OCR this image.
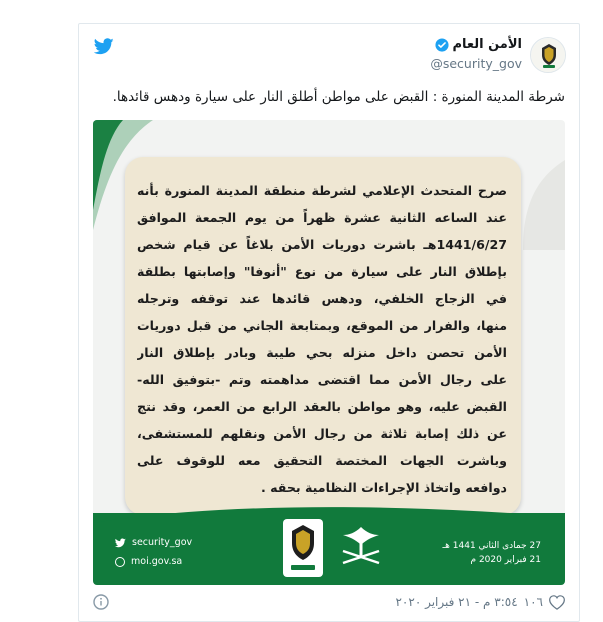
الأمن العام
@security_gov
شرطة المدينة المنورة : القبض على مواطن أطلق النار على سيارة ودهس قائدها.
صرح المتحدث الإعلامي لشرطة منطقة المدينة المنورة بأنه
عند الساعه الثانية عشرة ظهراً من يوم الجمعة الموافق
1441/6/27هـ باشرت دوريات الأمن بلاغاً عن قيام شخص
بإطلاق النار على سيارة من نوع "أنوفا" وإصابتها بطلقة
في الزجاج الخلفي، ودهس قائدها عند توقفه وترجله
منها، والفرار من الموقع، وبمتابعة الجاني من قبل دوريات
الأمن تحصن داخل منزله بحي طيبة وبادر بإطلاق النار
على رجال الأمن مما اقتضى مداهمته وتم -بتوفيق الله-
القبض عليه، وهو مواطن بالعقد الرابع من العمر، وقد نتج
عن ذلك إصابة ثلاثة من رجال الأمن ونقلهم للمستشفى،
وباشرت الجهات المختصة التحقيق معه للوقوف على
دوافعه واتخاذ الإجراءات النظامية بحقه .
security_gov
moi.gov.sa
27 جمادى الثاني 1441 هـ
21 فبراير 2020 م
١٠٦
٣:٥٤ م - ٢١ فبراير ٢٠٢٠
